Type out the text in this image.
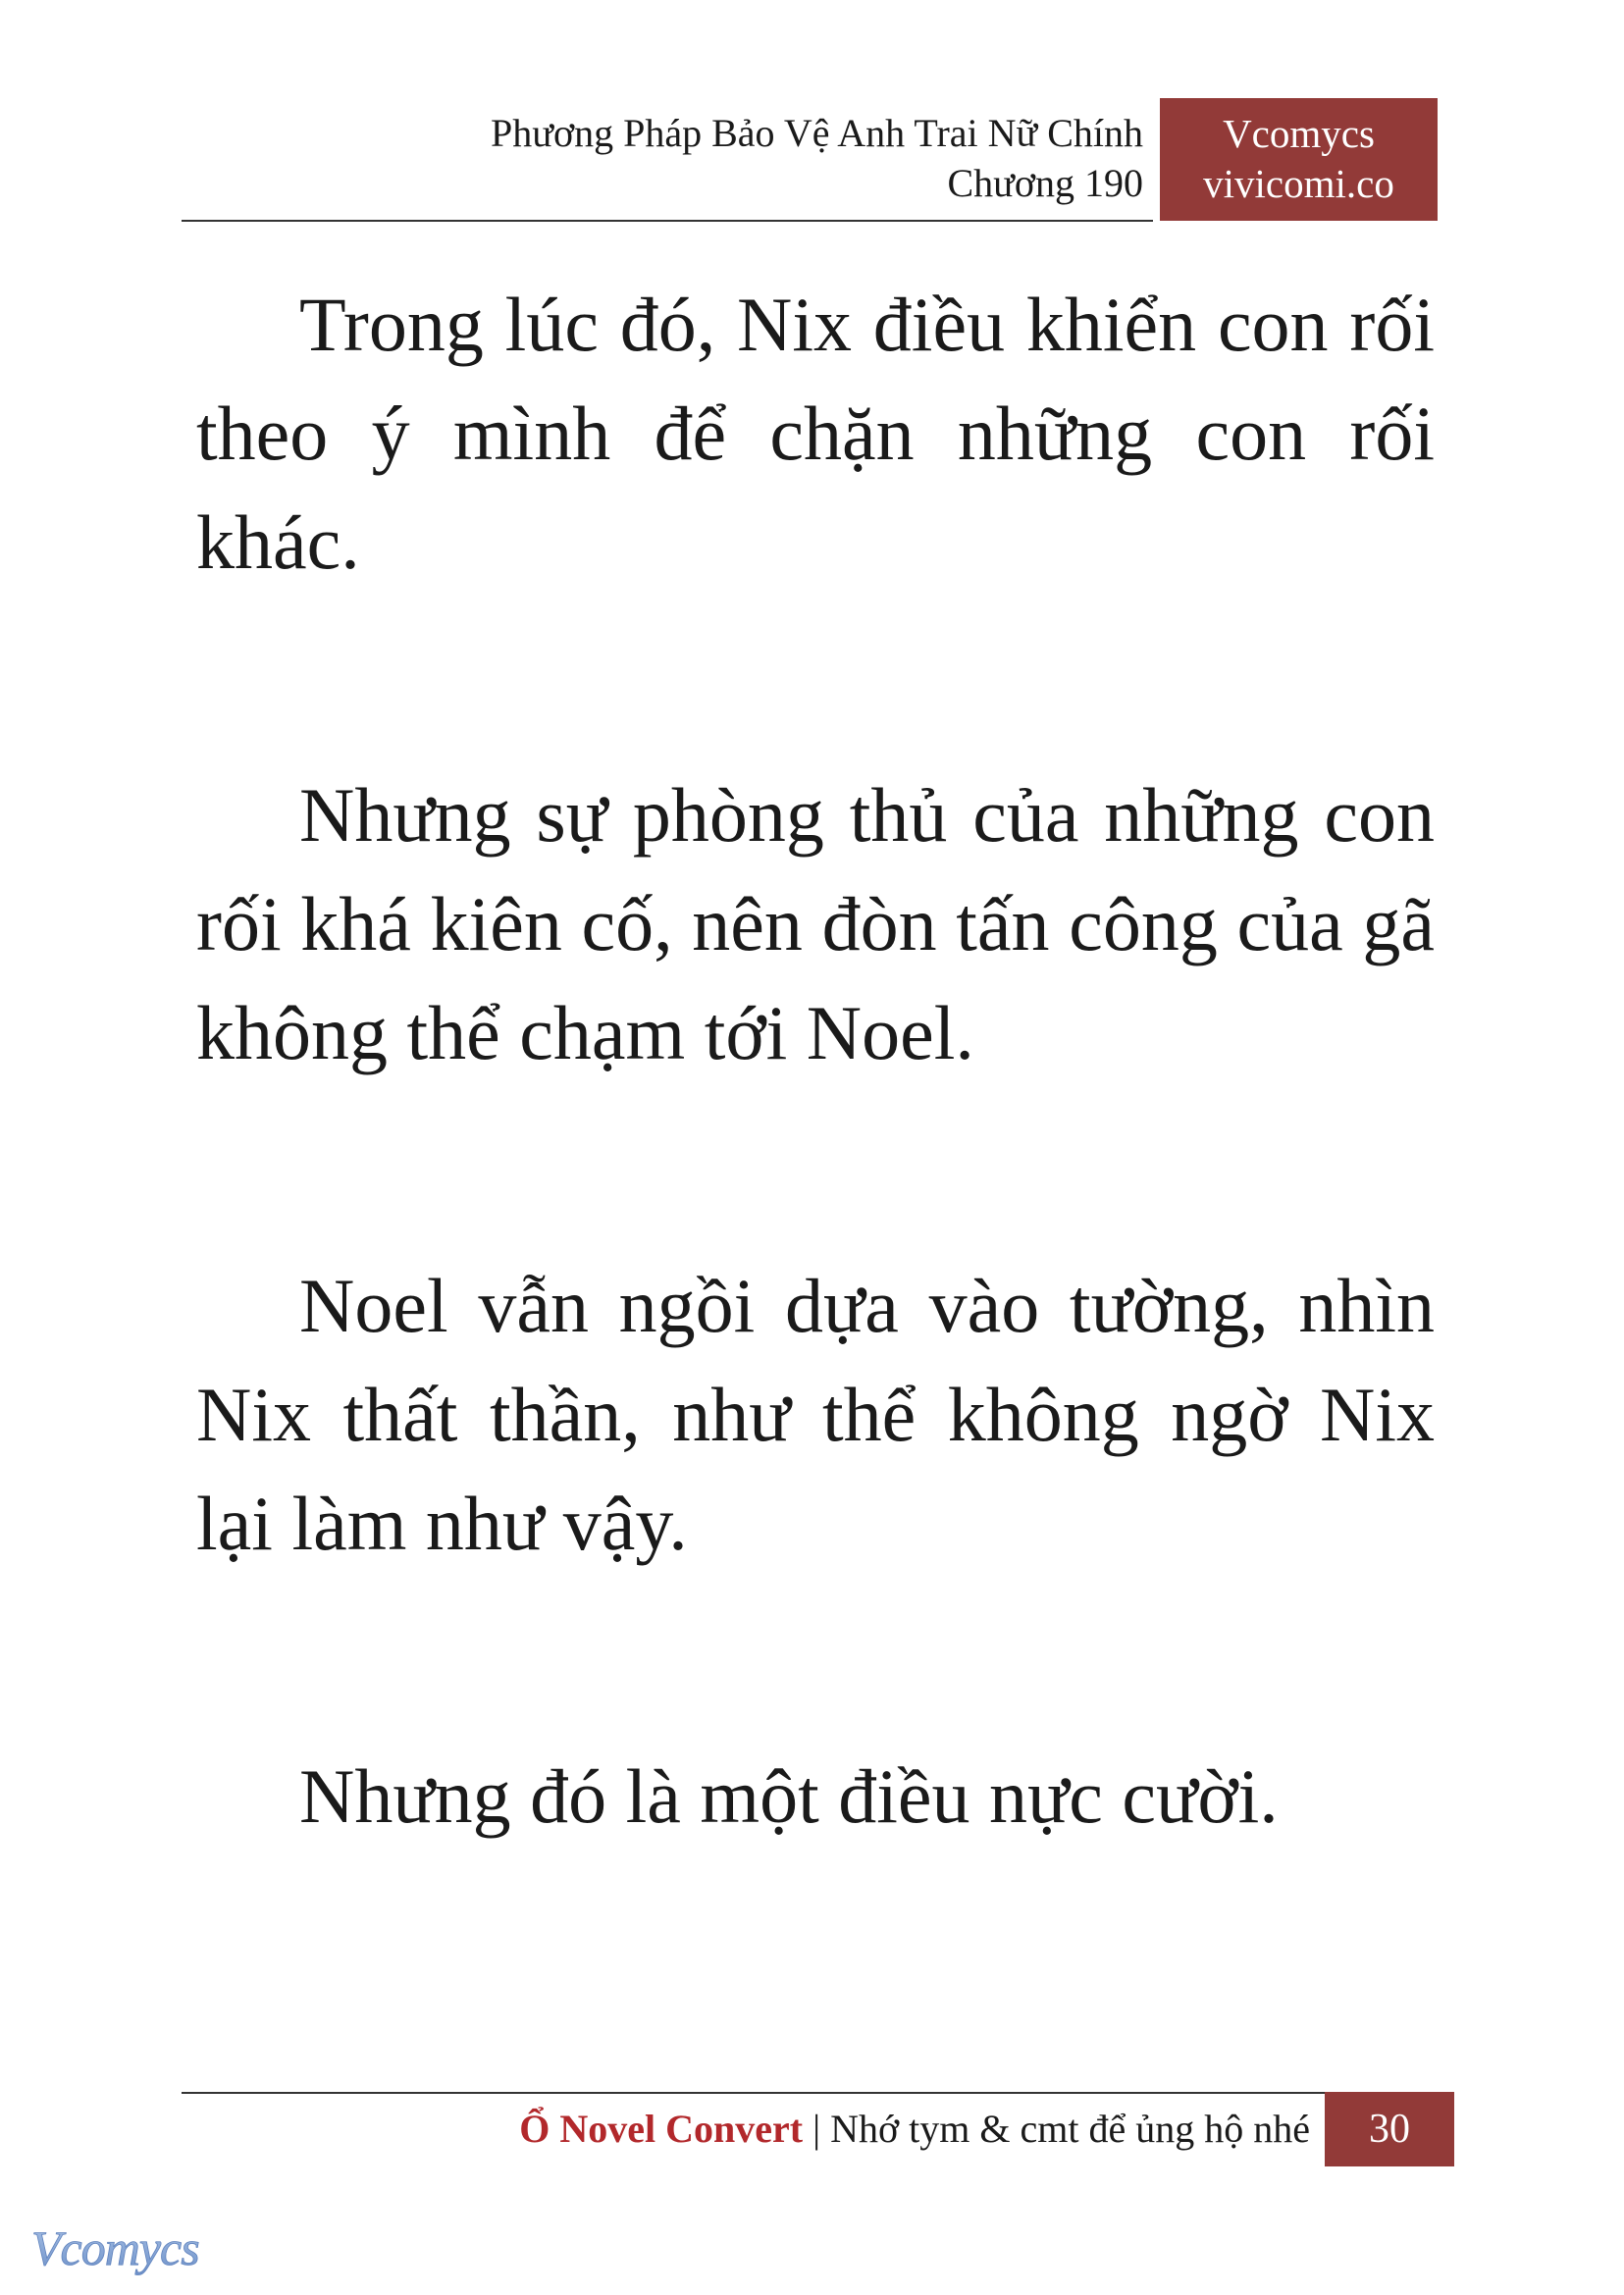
Phương Pháp Bảo Vệ Anh Trai Nữ Chính
Chương 190
Vcomycs
vivicomi.co

Trong lúc đó, Nix điều khiển con rối theo ý mình để chặn những con rối khác.

Nhưng sự phòng thủ của những con rối khá kiên cố, nên đòn tấn công của gã không thể chạm tới Noel.

Noel vẫn ngồi dựa vào tường, nhìn Nix thất thần, như thể không ngờ Nix lại làm như vậy.

Nhưng đó là một điều nực cười.

Ổ Novel Convert | Nhớ tym & cmt để ủng hộ nhé	30
Vcomycs
